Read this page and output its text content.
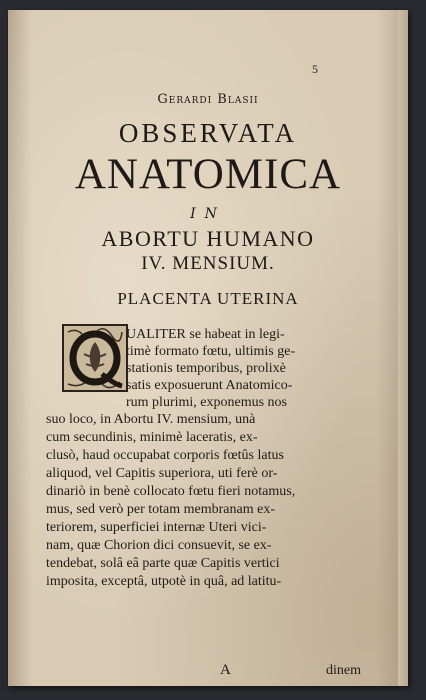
5
Gerardi Blasii
OBSERVATA
ANATOMICA
IN
ABORTU HUMANO
IV. MENSIUM.
PLACENTA UTERINA
UALITER se habeat in legi-
timè formato fœtu, ultimis ge-
stationis temporibus, prolixè
satis exposuerunt Anatomico-
rum plurimi, exponemus nos
suo loco, in Abortu IV. mensium, unà
cum secundinis, minimè laceratis, ex-
clusò, haud occupabat corporis fœtûs latus
aliquod, vel Capitis superiora, uti ferè or-
dinariò in benè collocato fœtu fieri notamus,
mus, sed verò per totam membranam ex-
teriorem, superficiei internæ Uteri vici-
nam, quæ Chorion dici consuevit, se ex-
tendebat, solâ eâ parte quæ Capitis vertici
imposita, exceptâ, utpotè in quâ, ad latitu-
A	dinem
